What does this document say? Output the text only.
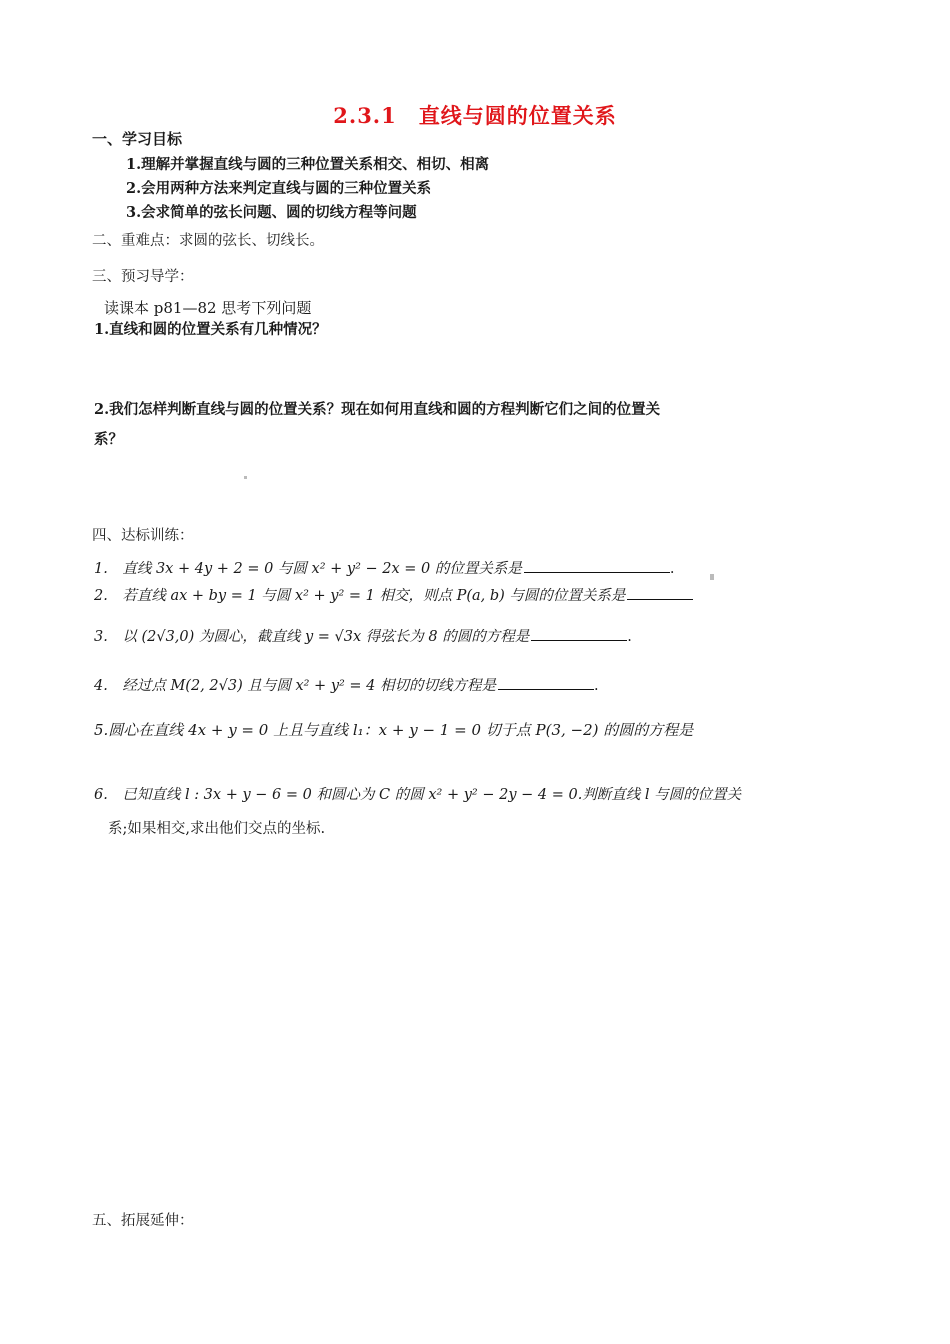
2.3.1　直线与圆的位置关系
一、学习目标
1.理解并掌握直线与圆的三种位置关系相交、相切、相离
2.会用两种方法来判定直线与圆的三种位置关系
3.会求简单的弦长问题、圆的切线方程等问题
二、重难点：求圆的弦长、切线长。
三、预习导学：
读课本 p81—82 思考下列问题
1.直线和圆的位置关系有几种情况？
2.我们怎样判断直线与圆的位置关系？现在如何用直线和圆的方程判断它们之间的位置关
系？
四、达标训练：
1.　直线 3x + 4y + 2 = 0 与圆 x² + y² − 2x = 0 的位置关系是	.
2.　若直线 ax + by = 1 与圆 x² + y² = 1 相交，则点 P(a, b) 与圆的位置关系是
3.　以 (2√3,0) 为圆心，截直线 y = √3x 得弦长为 8 的圆的方程是	.
4.　经过点 M(2, 2√3) 且与圆 x² + y² = 4 相切的切线方程是	.
5.圆心在直线 4x + y = 0 上且与直线 l₁：x + y − 1 = 0 切于点 P(3, −2) 的圆的方程是
6.　已知直线 l : 3x + y − 6 = 0 和圆心为 C 的圆 x² + y² − 2y − 4 = 0.判断直线 l 与圆的位置关
系;如果相交,求出他们交点的坐标.
五、拓展延伸：
